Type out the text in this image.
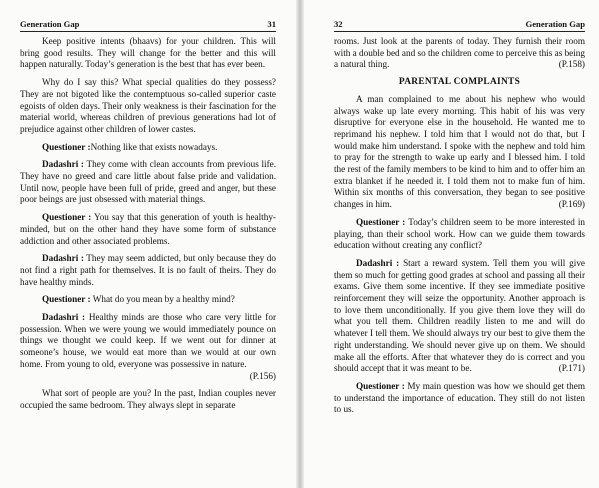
Generation Gap	31

Keep positive intents (bhaavs) for your children. This will bring good results. They will change for the better and this will happen naturally. Today’s generation is the best that has ever been.

Why do I say this? What special qualities do they possess? They are not bigoted like the contemptuous so-called superior caste egoists of olden days. Their only weakness is their fascination for the material world, whereas children of previous generations had lot of prejudice against other children of lower castes.

Questioner :Nothing like that exists nowadays.

Dadashri : They come with clean accounts from previous life. They have no greed and care little about false pride and validation. Until now, people have been full of pride, greed and anger, but these poor beings are just obsessed with material things.

Questioner : You say that this generation of youth is healthy-minded, but on the other hand they have some form of substance addiction and other associated problems.

Dadashri : They may seem addicted, but only because they do not find a right path for themselves. It is no fault of theirs. They do have healthy minds.

Questioner : What do you mean by a healthy mind?

Dadashri : Healthy minds are those who care very little for possession. When we were young we would immediately pounce on things we thought we could keep. If we went out for dinner at someone’s house, we would eat more than we would at our own home. From young to old, everyone was possessive in nature.
(P.156)

What sort of people are you? In the past, Indian couples never occupied the same bedroom. They always slept in separate

32	Generation Gap

rooms. Just look at the parents of today. They furnish their room with a double bed and so the children come to perceive this as being a natural thing.	(P.158)

PARENTAL COMPLAINTS

A man complained to me about his nephew who would always wake up late every morning. This habit of his was very disruptive for everyone else in the household. He wanted me to reprimand his nephew. I told him that I would not do that, but I would make him understand. I spoke with the nephew and told him to pray for the strength to wake up early and I blessed him. I told the rest of the family members to be kind to him and to offer him an extra blanket if he needed it. I told them not to make fun of him. Within six months of this conversation, they began to see positive changes in him.	(P.169)

Questioner : Today’s children seem to be more interested in playing, than their school work. How can we guide them towards education without creating any conflict?

Dadashri : Start a reward system. Tell them you will give them so much for getting good grades at school and passing all their exams. Give them some incentive. If they see immediate positive reinforcement they will seize the opportunity. Another approach is to love them unconditionally. If you give them love they will do what you tell them. Children readily listen to me and will do whatever I tell them. We should always try our best to give them the right understanding. We should never give up on them. We should make all the efforts. After that whatever they do is correct and you should accept that it was meant to be.	(P.171)

Questioner : My main question was how we should get them to understand the importance of education. They still do not listen to us.
